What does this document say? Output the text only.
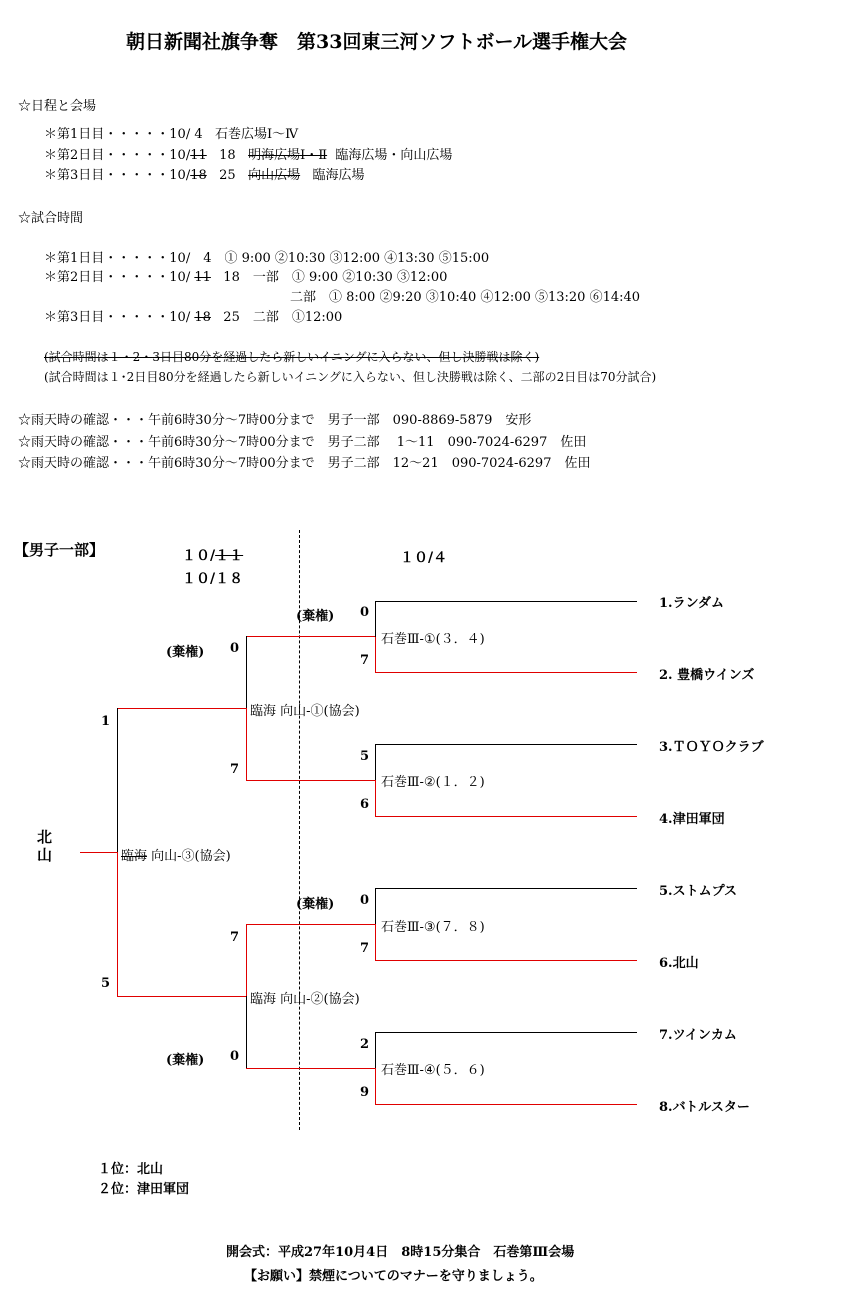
朝日新聞社旗争奪　第33回東三河ソフトボール選手権大会
☆日程と会場
＊第1日目・・・・・10/ 4 石巻広場Ⅰ～Ⅳ
＊第2日目・・・・・10/11 18 明海広場Ⅰ・Ⅱ 臨海広場・向山広場
＊第3日目・・・・・10/18 25 向山広場 臨海広場
☆試合時間
＊第1日目・・・・・10/　4　① 9:00 ②10:30 ③12:00 ④13:30 ⑤15:00
＊第2日目・・・・・10/ 11 18　一部　① 9:00 ②10:30 ③12:00
二部　① 8:00 ②9:20 ③10:40 ④12:00 ⑤13:20 ⑥14:40
＊第3日目・・・・・10/ 18 25　二部　①12:00
(試合時間は１・2・3日目80分を経過したら新しいイニングに入らない、但し決勝戦は除く)
(試合時間は１･2日目80分を経過したら新しいイニングに入らない、但し決勝戦は除く、二部の2日目は70分試合)
☆雨天時の確認・・・午前6時30分～7時00分まで　男子一部　090-8869-5879　安形
☆雨天時の確認・・・午前6時30分～7時00分まで　男子二部　 1～11　090-7024-6297　佐田
☆雨天時の確認・・・午前6時30分～7時00分まで　男子二部　12～21　090-7024-6297　佐田
【男子一部】	１０/１１
１０/１８
１０/４
1.ランダム
2. 豊橋ウインズ
3.ＴＯＹＯクラブ
4.津田軍団
5.ストムプス
6.北山
7.ツインカム
8.バトルスター
北山
石巻Ⅲ-①(３．４)
石巻Ⅲ-②(１．２)
石巻Ⅲ-③(７．８)
石巻Ⅲ-④(５．６)
(棄権) 0
7
5
6
(棄権) 0
7
2
9
臨海 向山-①(協会)
臨海 向山-②(協会)
(棄権) 0
7
7
(棄権) 0
臨海 向山-③(協会)
1
5
１位：北山
２位：津田軍団
開会式：平成27年10月4日　8時15分集合　石巻第Ⅲ会場
【お願い】禁煙についてのマナーを守りましょう。
